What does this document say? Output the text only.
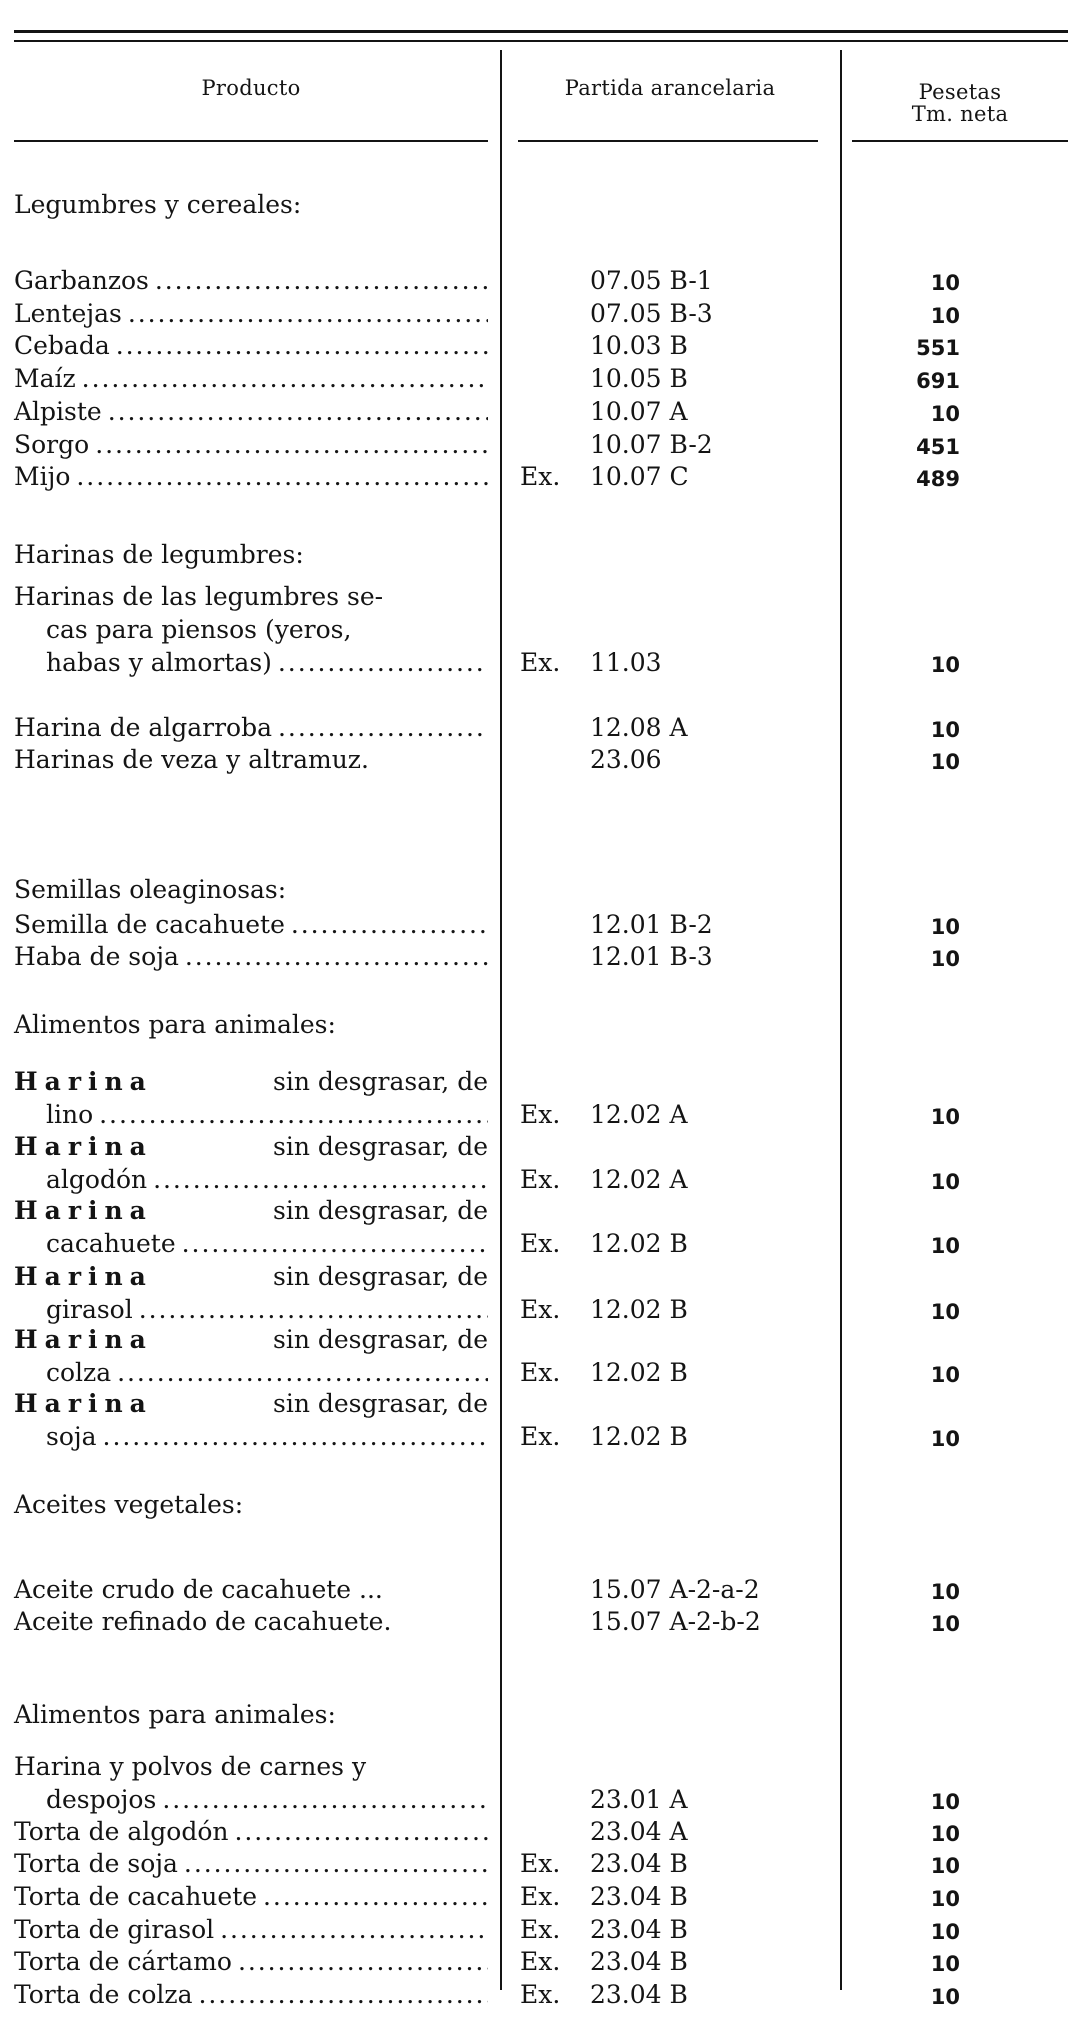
Producto	Partida arancelaria	Pesetas
Tm. neta
Legumbres y cereales:
Garbanzos . . .	07.05 B-1	10
Lentejas . . .	07.05 B-3	10
Cebada . . .	10.03 B	551
Maíz . . .	10.05 B	691
Alpiste . . .	10.07 A	10
Sorgo . . .	10.07 B-2	451
Mijo . . .	Ex. 10.07 C	489
Harinas de legumbres:
Harinas de las legumbres se-
cas para piensos (yeros,
habas y almortas) . . .	Ex. 11.03	10
Harina de algarroba . . .	12.08 A	10
Harinas de veza y altramuz.	23.06	10
Semillas oleaginosas:
Semilla de cacahuete . . .	12.01 B-2	10
Haba de soja . . .	12.01 B-3	10
Alimentos para animales:
Harina	sin desgrasar, de
lino . . .	Ex. 12.02 A	10
Harina	sin desgrasar, de
algodón . . .	Ex. 12.02 A	10
Harina	sin desgrasar, de
cacahuete . . .	Ex. 12.02 B	10
Harina	sin desgrasar, de
girasol . . .	Ex. 12.02 B	10
Harina	sin desgrasar, de
colza . . .	Ex. 12.02 B	10
Harina	sin desgrasar, de
soja . . .	Ex. 12.02 B	10
Aceites vegetales:
Aceite crudo de cacahuete ...	15.07 A-2-a-2	10
Aceite refinado de cacahuete.	15.07 A-2-b-2	10
Alimentos para animales:
Harina y polvos de carnes y
despojos . . .	23.01 A	10
Torta de algodón . . .	23.04 A	10
Torta de soja . . .	Ex. 23.04 B	10
Torta de cacahuete . . .	Ex. 23.04 B	10
Torta de girasol . . .	Ex. 23.04 B	10
Torta de cártamo . . .	Ex. 23.04 B	10
Torta de colza . . .	Ex. 23.04 B	10
